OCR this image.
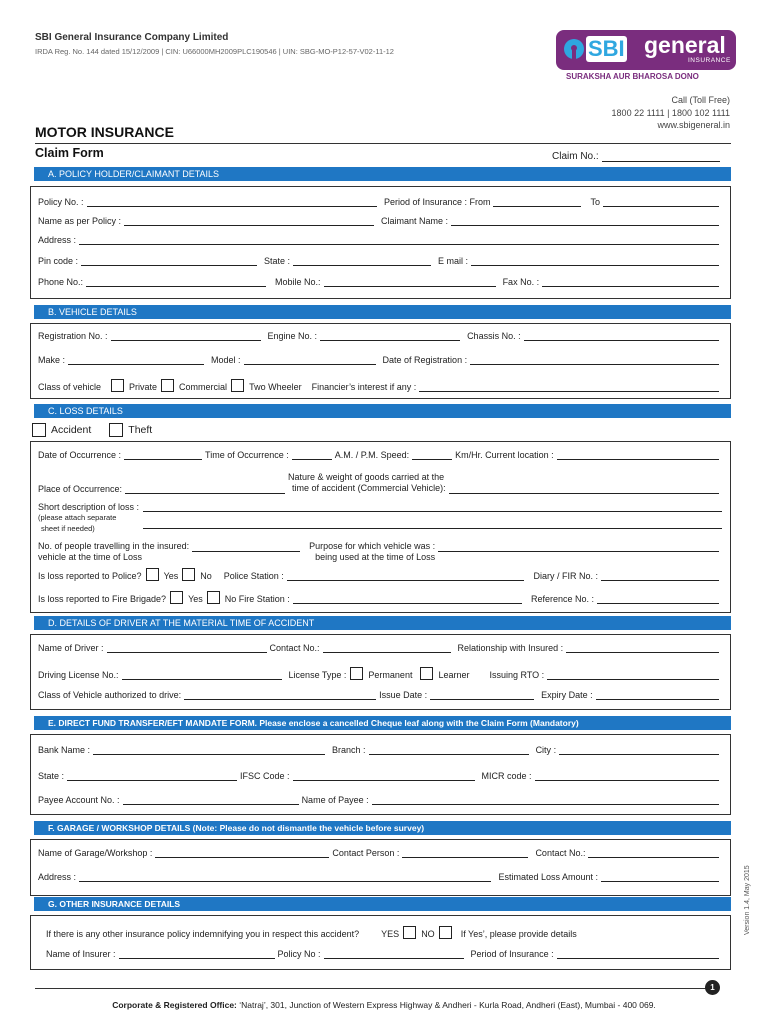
SBI General Insurance Company Limited
IRDA Reg. No. 144 dated 15/12/2009 | CIN: U66000MH2009PLC190546 | UIN: SBG-MO-P12-57-V02-11-12	SBI general
INSURANCE
SURAKSHA AUR BHAROSA DONO
Call (Toll Free)
1800 22 1111 | 1800 102 1111
www.sbigeneral.in
MOTOR INSURANCE
Claim Form	Claim No.:
A. POLICY HOLDER/CLAIMANT DETAILS
Policy No. :	Period of Insurance : From	To
Name as per Policy :	Claimant Name :
Address :
Pin code :	State :	E mail :
Phone No.:	Mobile No.:	Fax No. :
B. VEHICLE DETAILS
Registration No. :	Engine No. :	Chassis No. :
Make :	Model :	Date of Registration :
Class of vehicle	Private Commercial Two Wheeler Financier’s interest if any :
C. LOSS DETAILS
Accident	Theft
Date of Occurrence :	Time of Occurrence :	A.M. / P.M. Speed:	Km/Hr. Current location :
Place of Occurrence:
Nature & weight of goods carried at the
time of accident (Commercial Vehicle):
Short description of loss :
(please attach separate
sheet if needed)
No. of people travelling in the insured:
vehicle at the time of Loss
Purpose for which vehicle was :
being used at the time of Loss
Is loss reported to Police? Yes No Police Station :	Diary / FIR No. :
Is loss reported to Fire Brigade? Yes No Fire Station :	Reference No. :
D. DETAILS OF DRIVER AT THE MATERIAL TIME OF ACCIDENT
Name of Driver :	Contact No.:	Relationship with Insured :
Driving License No.:	License Type : Permanent	Learner Issuing RTO :
Class of Vehicle authorized to drive:	Issue Date :	Expiry Date :
E. DIRECT FUND TRANSFER/EFT MANDATE FORM. Please enclose a cancelled Cheque leaf along with the Claim Form (Mandatory)
Bank Name :	Branch :	City :
State :	IFSC Code :	MICR code :
Payee Account No. :	Name of Payee :
F. GARAGE / WORKSHOP DETAILS (Note: Please do not dismantle the vehicle before survey)
Name of Garage/Workshop :	Contact Person :	Contact No.:
Address :	Estimated Loss Amount :
G. OTHER INSURANCE DETAILS
If there is any other insurance policy indemnifying you in respect this accident? YES NO	If Yes’, please provide details
Name of Insurer :	Policy No :	Period of Insurance :
Version 1.4, May 2015
1
Corporate & Registered Office: ‘Natraj’, 301, Junction of Western Express Highway & Andheri - Kurla Road, Andheri (East), Mumbai - 400 069.
